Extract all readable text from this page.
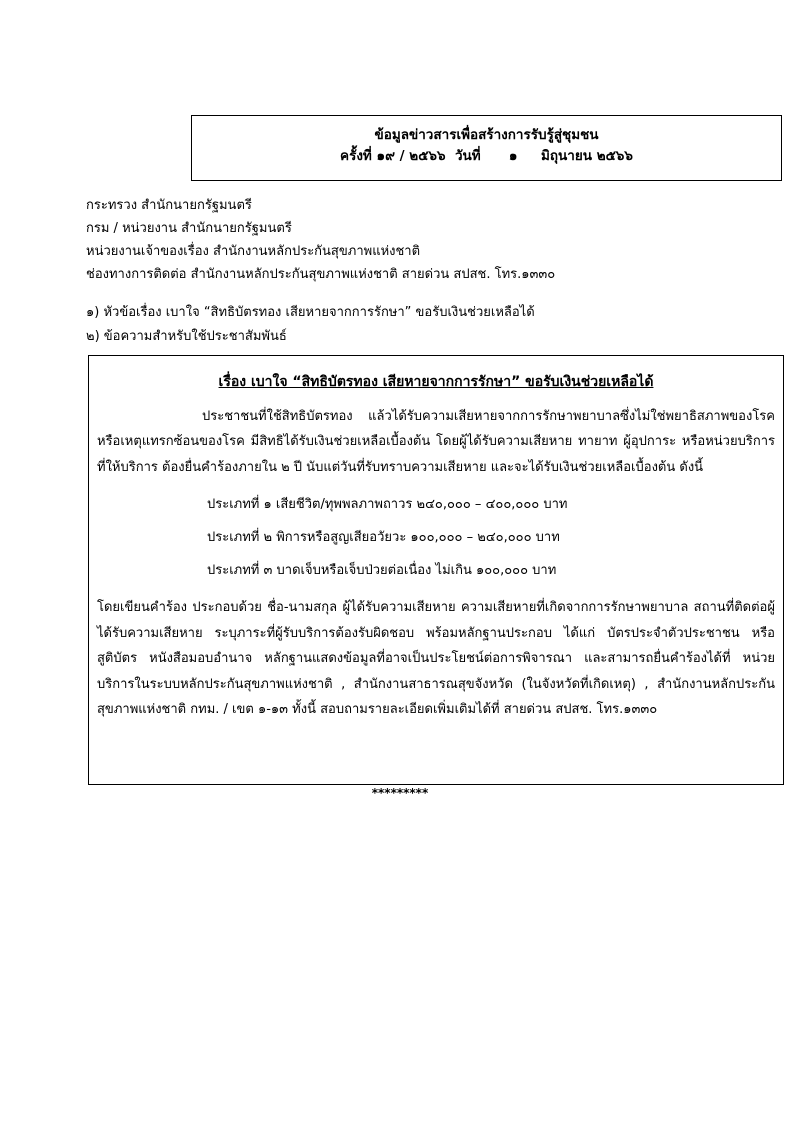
ข้อมูลข่าวสารเพื่อสร้างการรับรู้สู่ชุมชน
ครั้งที่ ๑๙ / ๒๕๖๖ วันที่ ๑ มิถุนายน ๒๕๖๖
กระทรวง สำนักนายกรัฐมนตรี
กรม / หน่วยงาน สำนักนายกรัฐมนตรี
หน่วยงานเจ้าของเรื่อง สำนักงานหลักประกันสุขภาพแห่งชาติ
ช่องทางการติดต่อ สำนักงานหลักประกันสุขภาพแห่งชาติ สายด่วน สปสช. โทร.๑๓๓๐
๑) หัวข้อเรื่อง เบาใจ “สิทธิบัตรทอง เสียหายจากการรักษา” ขอรับเงินช่วยเหลือได้
๒) ข้อความสำหรับใช้ประชาสัมพันธ์
เรื่อง เบาใจ “สิทธิบัตรทอง เสียหายจากการรักษา” ขอรับเงินช่วยเหลือได้
ประชาชนที่ใช้สิทธิบัตรทอง แล้วได้รับความเสียหายจากการรักษาพยาบาลซึ่งไม่ใช่พยาธิสภาพของโรคหรือเหตุแทรกซ้อนของโรค มีสิทธิได้รับเงินช่วยเหลือเบื้องต้น โดยผู้ได้รับความเสียหาย ทายาท ผู้อุปการะ หรือหน่วยบริการที่ให้บริการ ต้องยื่นคำร้องภายใน ๒ ปี นับแต่วันที่รับทราบความเสียหาย และจะได้รับเงินช่วยเหลือเบื้องต้น ดังนี้
ประเภทที่ ๑ เสียชีวิต/ทุพพลภาพถาวร ๒๔๐,๐๐๐ – ๔๐๐,๐๐๐ บาท
ประเภทที่ ๒ พิการหรือสูญเสียอวัยวะ ๑๐๐,๐๐๐ – ๒๔๐,๐๐๐ บาท
ประเภทที่ ๓ บาดเจ็บหรือเจ็บป่วยต่อเนื่อง ไม่เกิน ๑๐๐,๐๐๐ บาท
โดยเขียนคำร้อง ประกอบด้วย ชื่อ-นามสกุล ผู้ได้รับความเสียหาย ความเสียหายที่เกิดจากการรักษาพยาบาล สถานที่ติดต่อผู้ได้รับความเสียหาย ระบุภาระที่ผู้รับบริการต้องรับผิดชอบ พร้อมหลักฐานประกอบ ได้แก่ บัตรประจำตัวประชาชน หรือ สูติบัตร หนังสือมอบอำนาจ หลักฐานแสดงข้อมูลที่อาจเป็นประโยชน์ต่อการพิจารณา และสามารถยื่นคำร้องได้ที่ หน่วยบริการในระบบหลักประกันสุขภาพแห่งชาติ , สำนักงานสาธารณสุขจังหวัด (ในจังหวัดที่เกิดเหตุ) , สำนักงานหลักประกันสุขภาพแห่งชาติ กทม. / เขต ๑-๑๓ ทั้งนี้ สอบถามรายละเอียดเพิ่มเติมได้ที่ สายด่วน สปสช. โทร.๑๓๓๐
*********
